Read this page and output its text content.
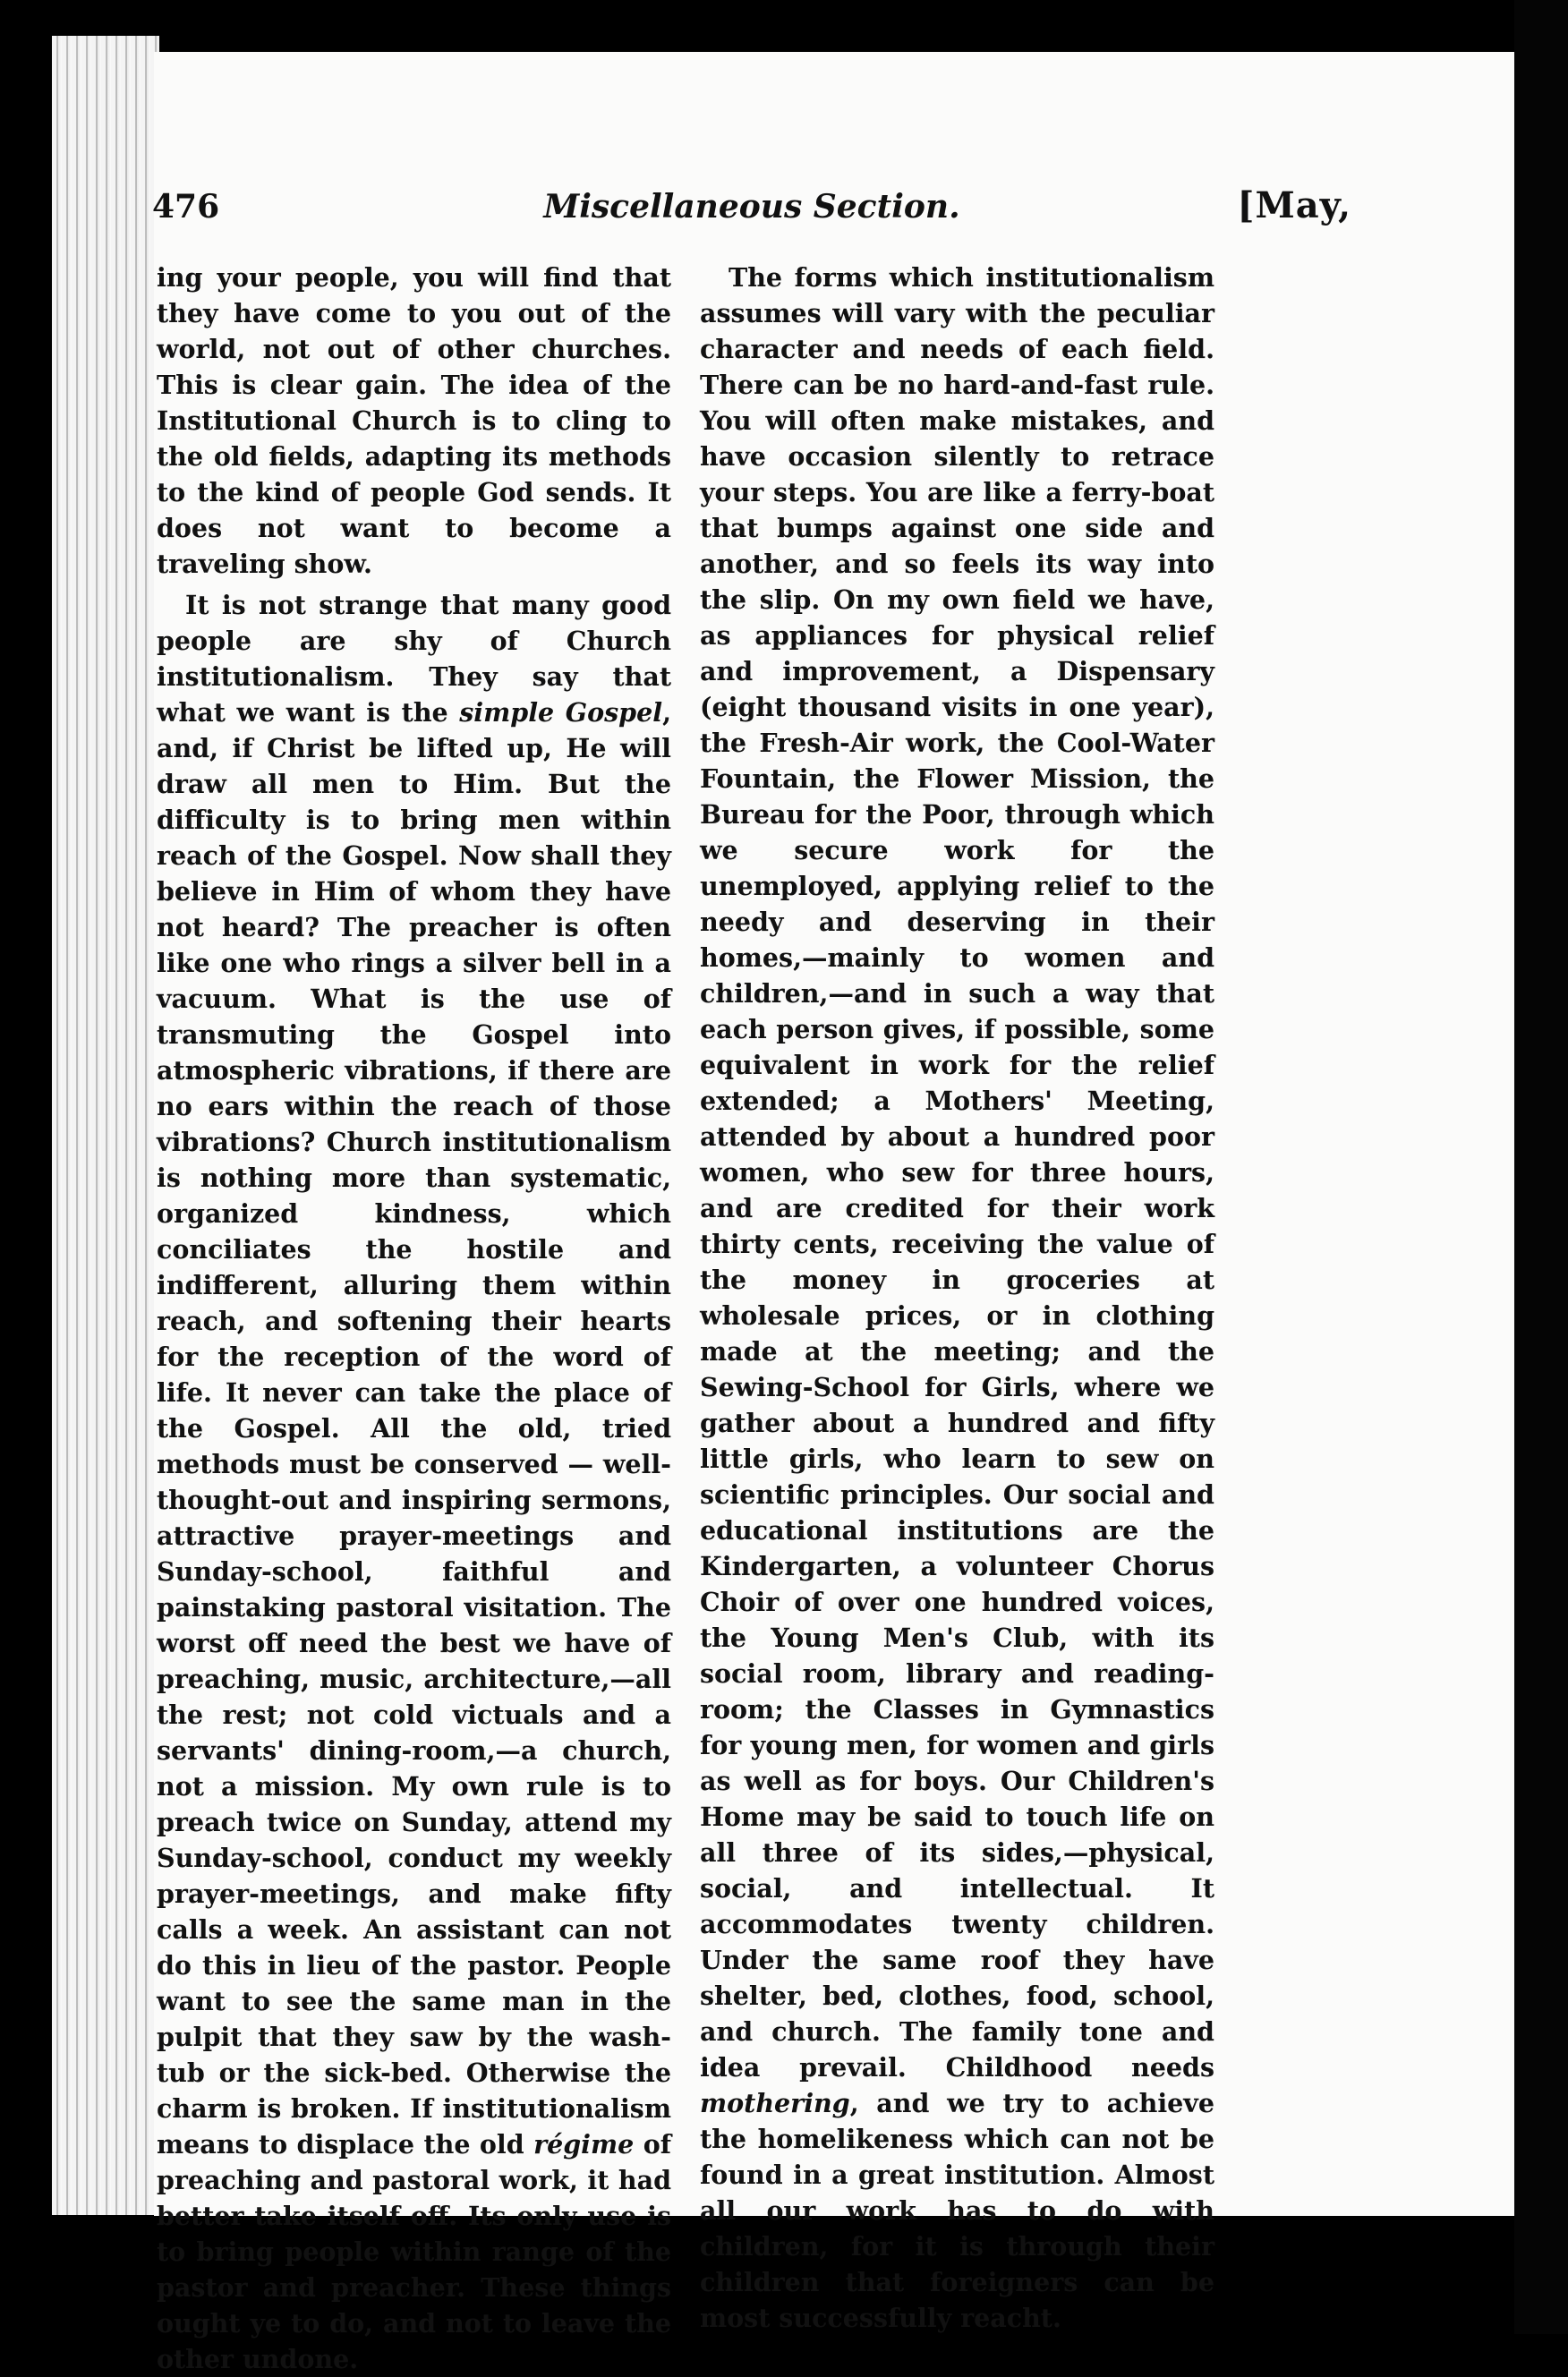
476	Miscellaneous Section.	[May,

ing your people, you will find that they have come to you out of the world, not out of other churches. This is clear gain. The idea of the Institutional Church is to cling to the old fields, adapting its methods to the kind of people God sends. It does not want to become a traveling show.

It is not strange that many good people are shy of Church institutionalism. They say that what we want is the simple Gospel, and, if Christ be lifted up, He will draw all men to Him. But the difficulty is to bring men within reach of the Gospel. Now shall they believe in Him of whom they have not heard? The preacher is often like one who rings a silver bell in a vacuum. What is the use of transmuting the Gospel into atmospheric vibrations, if there are no ears within the reach of those vibrations? Church institutionalism is nothing more than systematic, organized kindness, which conciliates the hostile and indifferent, alluring them within reach, and softening their hearts for the reception of the word of life. It never can take the place of the Gospel. All the old, tried methods must be conserved — well-thought-out and inspiring sermons, attractive prayer-meetings and Sunday-school, faithful and painstaking pastoral visitation. The worst off need the best we have of preaching, music, architecture,—all the rest; not cold victuals and a servants' dining-room,—a church, not a mission. My own rule is to preach twice on Sunday, attend my Sunday-school, conduct my weekly prayer-meetings, and make fifty calls a week. An assistant can not do this in lieu of the pastor. People want to see the same man in the pulpit that they saw by the wash-tub or the sick-bed. Otherwise the charm is broken. If institutionalism means to displace the old régime of preaching and pastoral work, it had better take itself off. Its only use is to bring people within range of the pastor and preacher. These things ought ye to do, and not to leave the other undone.

The forms which institutionalism assumes will vary with the peculiar character and needs of each field. There can be no hard-and-fast rule. You will often make mistakes, and have occasion silently to retrace your steps. You are like a ferry-boat that bumps against one side and another, and so feels its way into the slip. On my own field we have, as appliances for physical relief and improvement, a Dispensary (eight thousand visits in one year), the Fresh-Air work, the Cool-Water Fountain, the Flower Mission, the Bureau for the Poor, through which we secure work for the unemployed, applying relief to the needy and deserving in their homes,—mainly to women and children,—and in such a way that each person gives, if possible, some equivalent in work for the relief extended; a Mothers' Meeting, attended by about a hundred poor women, who sew for three hours, and are credited for their work thirty cents, receiving the value of the money in groceries at wholesale prices, or in clothing made at the meeting; and the Sewing-School for Girls, where we gather about a hundred and fifty little girls, who learn to sew on scientific principles. Our social and educational institutions are the Kindergarten, a volunteer Chorus Choir of over one hundred voices, the Young Men's Club, with its social room, library and reading-room; the Classes in Gymnastics for young men, for women and girls as well as for boys. Our Children's Home may be said to touch life on all three of its sides,—physical, social, and intellectual. It accommodates twenty children. Under the same roof they have shelter, bed, clothes, food, school, and church. The family tone and idea prevail. Childhood needs mothering, and we try to achieve the homelikeness which can not be found in a great institution. Almost all our work has to do with children, for it is through their children that foreigners can be most successfully reacht.
